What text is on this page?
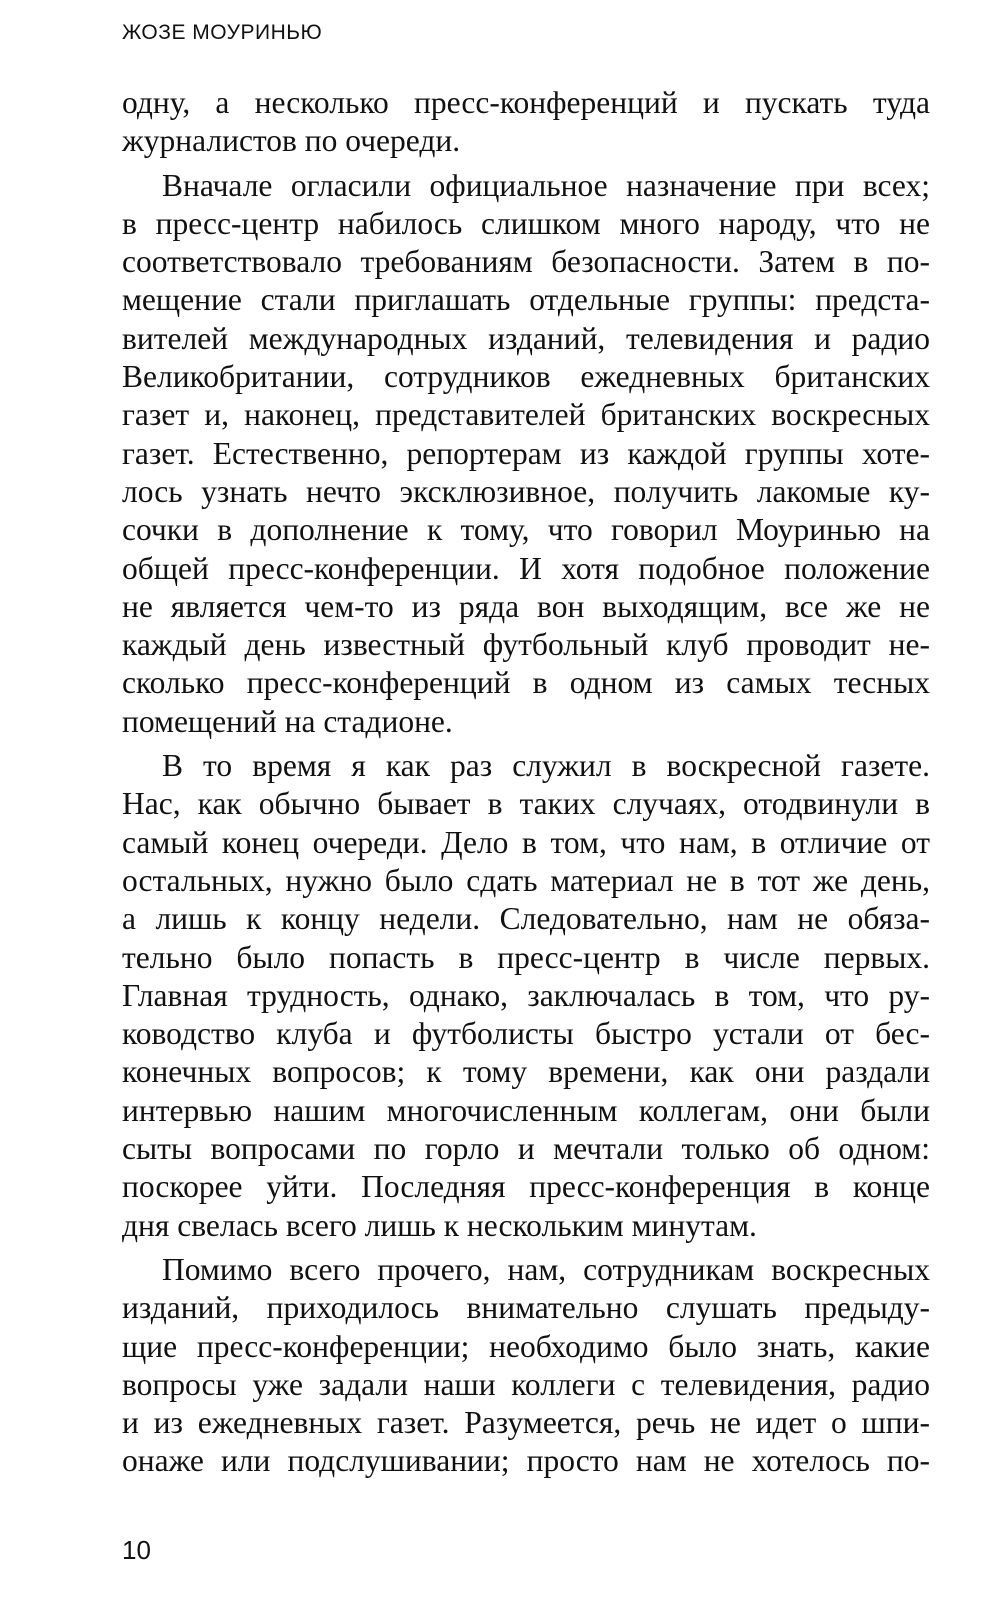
ЖОЗЕ МОУРИНЬЮ
одну, а несколько пресс-конференций и пускать туда
журналистов по очереди.
Вначале огласили официальное назначение при всех;
в пресс-центр набилось слишком много народу, что не
соответствовало требованиям безопасности. Затем в по-
мещение стали приглашать отдельные группы: предста-
вителей международных изданий, телевидения и радио
Великобритании, сотрудников ежедневных британских
газет и, наконец, представителей британских воскресных
газет. Естественно, репортерам из каждой группы хоте-
лось узнать нечто эксклюзивное, получить лакомые ку-
сочки в дополнение к тому, что говорил Моуринью на
общей пресс-конференции. И хотя подобное положение
не является чем-то из ряда вон выходящим, все же не
каждый день известный футбольный клуб проводит не-
сколько пресс-конференций в одном из самых тесных
помещений на стадионе.
В то время я как раз служил в воскресной газете.
Нас, как обычно бывает в таких случаях, отодвинули в
самый конец очереди. Дело в том, что нам, в отличие от
остальных, нужно было сдать материал не в тот же день,
а лишь к концу недели. Следовательно, нам не обяза-
тельно было попасть в пресс-центр в числе первых.
Главная трудность, однако, заключалась в том, что ру-
ководство клуба и футболисты быстро устали от бес-
конечных вопросов; к тому времени, как они раздали
интервью нашим многочисленным коллегам, они были
сыты вопросами по горло и мечтали только об одном:
поскорее уйти. Последняя пресс-конференция в конце
дня свелась всего лишь к нескольким минутам.
Помимо всего прочего, нам, сотрудникам воскресных
изданий, приходилось внимательно слушать предыду-
щие пресс-конференции; необходимо было знать, какие
вопросы уже задали наши коллеги с телевидения, радио
и из ежедневных газет. Разумеется, речь не идет о шпи-
онаже или подслушивании; просто нам не хотелось по-
10
